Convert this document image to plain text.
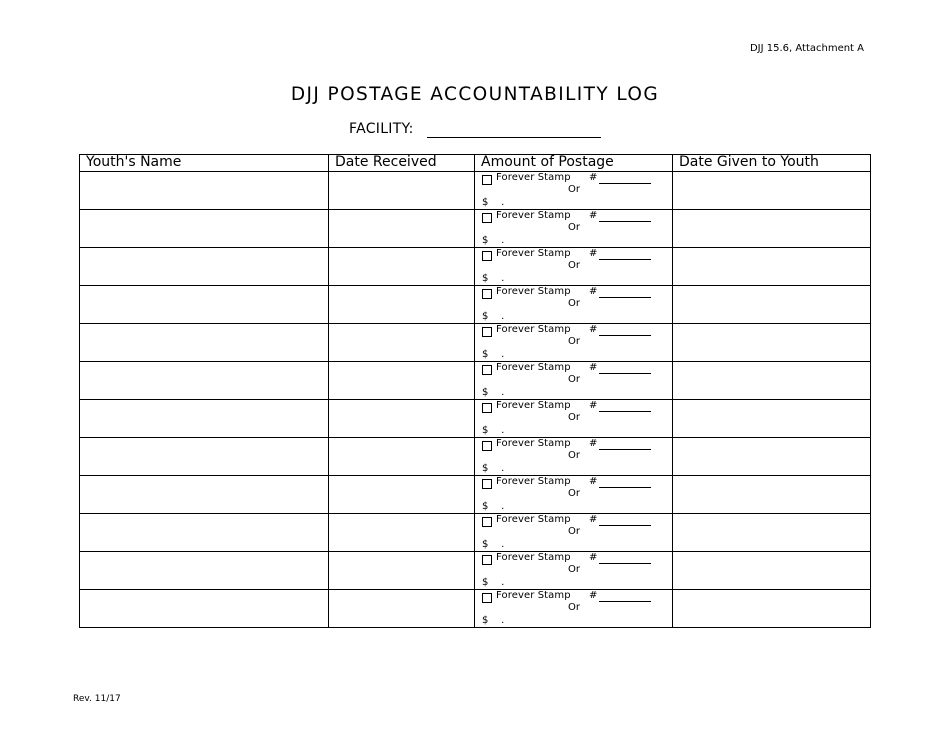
DJJ 15.6, Attachment A
DJJ POSTAGE ACCOUNTABILITY LOG
FACILITY:
Youth's Name	Date Received	Amount of Postage	Date Given to Youth

		Forever Stamp #
Or
$    .	

		Forever Stamp #
Or
$    .	

		Forever Stamp #
Or
$    .	

		Forever Stamp #
Or
$    .	

		Forever Stamp #
Or
$    .	

		Forever Stamp #
Or
$    .	

		Forever Stamp #
Or
$    .	

		Forever Stamp #
Or
$    .	

		Forever Stamp #
Or
$    .	

		Forever Stamp #
Or
$    .	

		Forever Stamp #
Or
$    .	

		Forever Stamp #
Or
$    .	

Rev. 11/17
